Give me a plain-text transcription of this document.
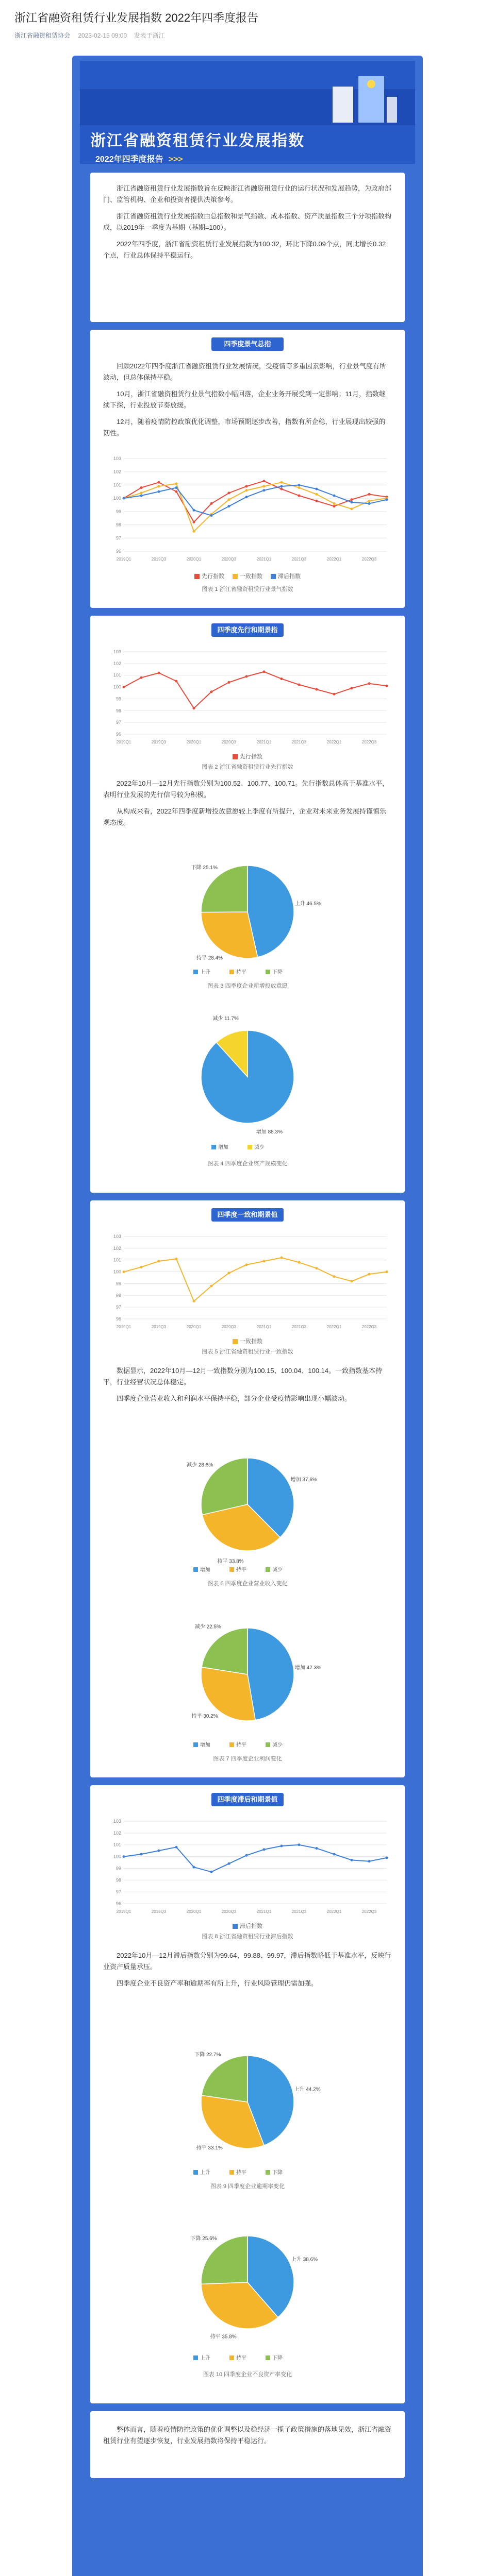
浙江省融资租赁行业发展指数 2022年四季度报告
浙江省融资租赁协会 2023-02-15 09:00 发表于浙江
浙江省融资租赁行业发展指数
2022年四季度报告 >>>

浙江省融资租赁行业发展指数旨在反映浙江省融资租赁行业的运行状况和发展趋势，为政府部门、监管机构、企业和投资者提供决策参考。

浙江省融资租赁行业发展指数由总指数和景气指数、成本指数、资产质量指数三个分项指数构成，以2019年一季度为基期（基期=100）。

2022年四季度，浙江省融资租赁行业发展指数为100.32，环比下降0.09个点，同比增长0.32个点，行业总体保持平稳运行。

四季度景气总指

回顾2022年四季度浙江省融资租赁行业发展情况，受疫情等多重因素影响，行业景气度有所波动，但总体保持平稳。

10月，浙江省融资租赁行业景气指数小幅回落，企业业务开展受到一定影响；11月，指数继续下探，行业投放节奏放缓。

12月，随着疫情防控政策优化调整，市场预期逐步改善，指数有所企稳，行业展现出较强的韧性。

96
97
98
99
100
101
102
103
2019Q1	2019Q3	2020Q1	2020Q3	2021Q1	2021Q3	2022Q1	2022Q3
先行指数	一致指数	滞后指数
图表 1 浙江省融资租赁行业景气指数
四季度先行和期景指
96
97
98
99
100
101
102
103
2019Q1	2019Q3	2020Q1	2020Q3	2021Q1	2021Q3	2022Q1	2022Q3
先行指数
图表 2 浙江省融资租赁行业先行指数

2022年10月—12月先行指数分别为100.52、100.77、100.71。先行指数总体高于基准水平，表明行业发展的先行信号较为积极。

从构成来看，2022年四季度新增投放意愿较上季度有所提升，企业对未来业务发展持谨慎乐观态度。

上升 46.5%
持平 28.4%
下降 25.1%
上升	持平	下降
图表 3 四季度企业新增投放意愿
增加 88.3%
减少 11.7%
增加	减少
图表 4 四季度企业资产规模变化
四季度一致和期景值
96
97
98
99
100
101
102
103
2019Q1	2019Q3	2020Q1	2020Q3	2021Q1	2021Q3	2022Q1	2022Q3
一致指数
图表 5 浙江省融资租赁行业一致指数

数据显示，2022年10月—12月一致指数分别为100.15、100.04、100.14。一致指数基本持平，行业经营状况总体稳定。

四季度企业营业收入和利润水平保持平稳，部分企业受疫情影响出现小幅波动。

增加 37.6%
持平 33.8%
减少 28.6%
增加	持平	减少
图表 6 四季度企业营业收入变化
增加 47.3%
持平 30.2%
减少 22.5%
增加	持平	减少
图表 7 四季度企业利润变化
四季度滞后和期景值
96
97
98
99
100
101
102
103
2019Q1	2019Q3	2020Q1	2020Q3	2021Q1	2021Q3	2022Q1	2022Q3
滞后指数
图表 8 浙江省融资租赁行业滞后指数

2022年10月—12月滞后指数分别为99.64、99.88、99.97，滞后指数略低于基准水平，反映行业资产质量承压。

四季度企业不良资产率和逾期率有所上升，行业风险管理仍需加强。

上升 44.2%
持平 33.1%
下降 22.7%
上升	持平	下降
图表 9 四季度企业逾期率变化
上升 38.6%
持平 35.8%
下降 25.6%
上升	持平	下降
图表 10 四季度企业不良资产率变化

整体而言，随着疫情防控政策的优化调整以及稳经济一揽子政策措施的落地见效，浙江省融资租赁行业有望逐步恢复，行业发展指数将保持平稳运行。
